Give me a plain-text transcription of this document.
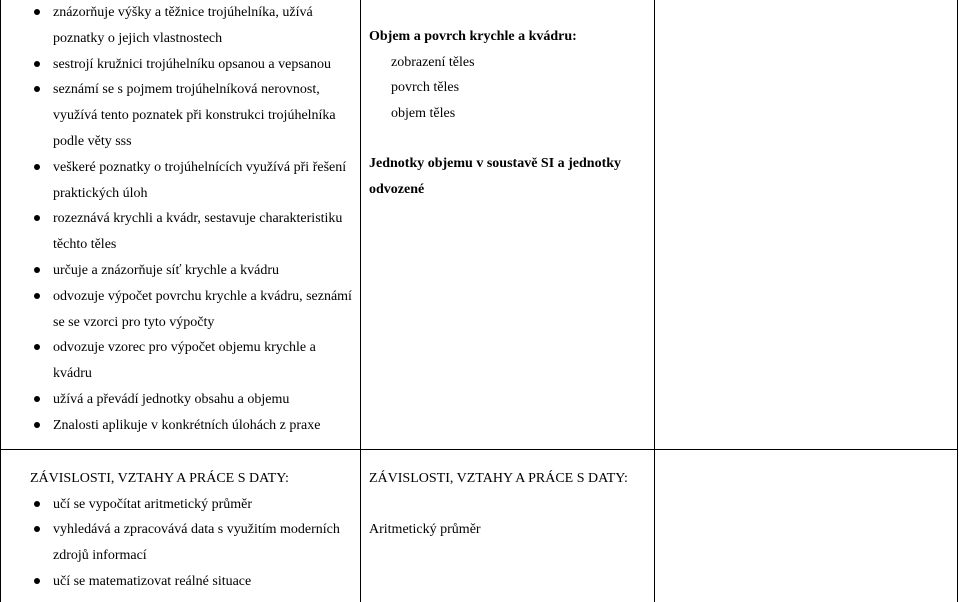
znázorňuje výšky a těžnice trojúhelníka, užívá poznatky o jejich vlastnostech
sestrojí kružnici trojúhelníku opsanou a vepsanou
seznámí se s pojmem trojúhelníková nerovnost, využívá tento poznatek při konstrukci trojúhelníka podle věty sss
veškeré poznatky o trojúhelnících využívá při řešení praktických úloh
rozeznává krychli a kvádr, sestavuje charakteristiku těchto těles
určuje a znázorňuje síť krychle a kvádru
odvozuje výpočet povrchu krychle a kvádru, seznámí se se vzorci pro tyto výpočty
odvozuje vzorec pro výpočet objemu krychle a kvádru
užívá a převádí jednotky obsahu a objemu
Znalosti aplikuje v konkrétních úlohách z praxe
Objem a povrch krychle a kvádru:
zobrazení těles
povrch těles
objem těles
Jednotky objemu v soustavě SI a jednotky odvozené
ZÁVISLOSTI, VZTAHY A PRÁCE S DATY:
učí se vypočítat aritmetický průměr
vyhledává a zpracovává data s využitím moderních zdrojů informací
učí se matematizovat reálné situace
ZÁVISLOSTI, VZTAHY A PRÁCE S DATY:
Aritmetický průměr
